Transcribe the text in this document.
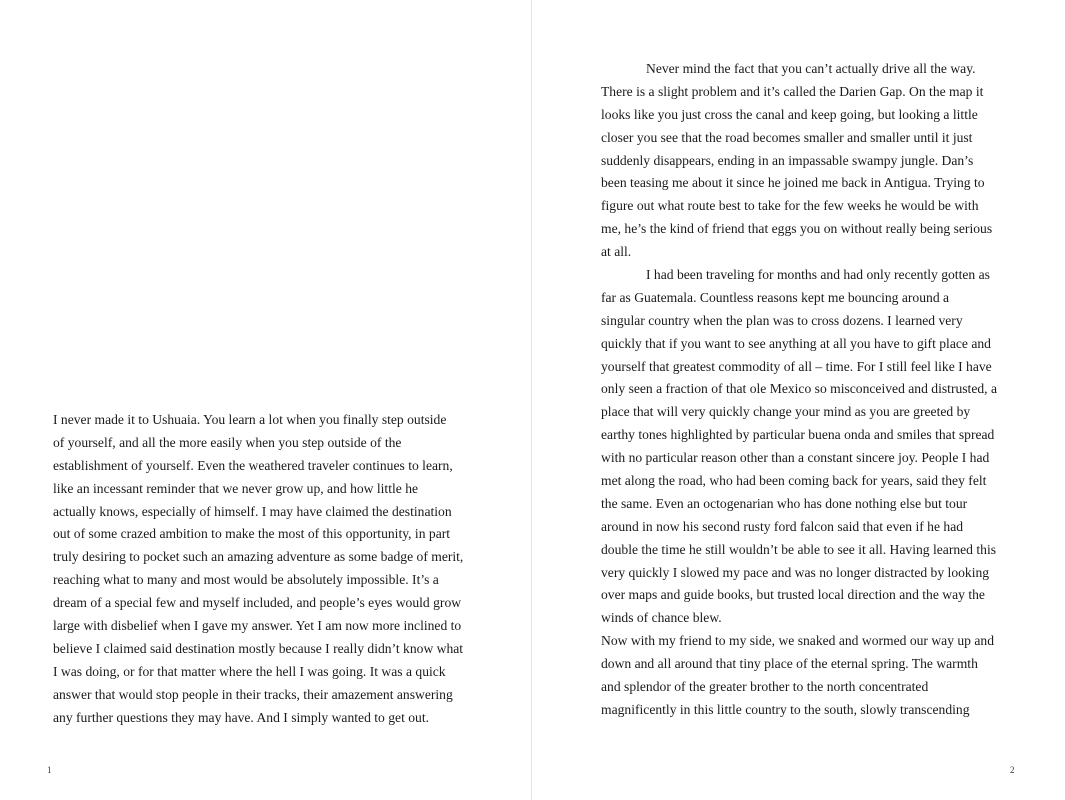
I never made it to Ushuaia. You learn a lot when you finally step outside
of yourself, and all the more easily when you step outside of the
establishment of yourself. Even the weathered traveler continues to learn,
like an incessant reminder that we never grow up, and how little he
actually knows, especially of himself. I may have claimed the destination
out of some crazed ambition to make the most of this opportunity, in part
truly desiring to pocket such an amazing adventure as some badge of merit,
reaching what to many and most would be absolutely impossible. It’s a
dream of a special few and myself included, and people’s eyes would grow
large with disbelief when I gave my answer. Yet I am now more inclined to
believe I claimed said destination mostly because I really didn’t know what
I was doing, or for that matter where the hell I was going. It was a quick
answer that would stop people in their tracks, their amazement answering
any further questions they may have. And I simply wanted to get out.
1
Never mind the fact that you can’t actually drive all the way.
There is a slight problem and it’s called the Darien Gap. On the map it
looks like you just cross the canal and keep going, but looking a little
closer you see that the road becomes smaller and smaller until it just
suddenly disappears, ending in an impassable swampy jungle. Dan’s
been teasing me about it since he joined me back in Antigua. Trying to
figure out what route best to take for the few weeks he would be with
me, he’s the kind of friend that eggs you on without really being serious
at all.
I had been traveling for months and had only recently gotten as
far as Guatemala. Countless reasons kept me bouncing around a
singular country when the plan was to cross dozens. I learned very
quickly that if you want to see anything at all you have to gift place and
yourself that greatest commodity of all – time. For I still feel like I have
only seen a fraction of that ole Mexico so misconceived and distrusted, a
place that will very quickly change your mind as you are greeted by
earthy tones highlighted by particular buena onda and smiles that spread
with no particular reason other than a constant sincere joy. People I had
met along the road, who had been coming back for years, said they felt
the same. Even an octogenarian who has done nothing else but tour
around in now his second rusty ford falcon said that even if he had
double the time he still wouldn’t be able to see it all. Having learned this
very quickly I slowed my pace and was no longer distracted by looking
over maps and guide books, but trusted local direction and the way the
winds of chance blew.
Now with my friend to my side, we snaked and wormed our way up and
down and all around that tiny place of the eternal spring. The warmth
and splendor of the greater brother to the north concentrated
magnificently in this little country to the south, slowly transcending
2
